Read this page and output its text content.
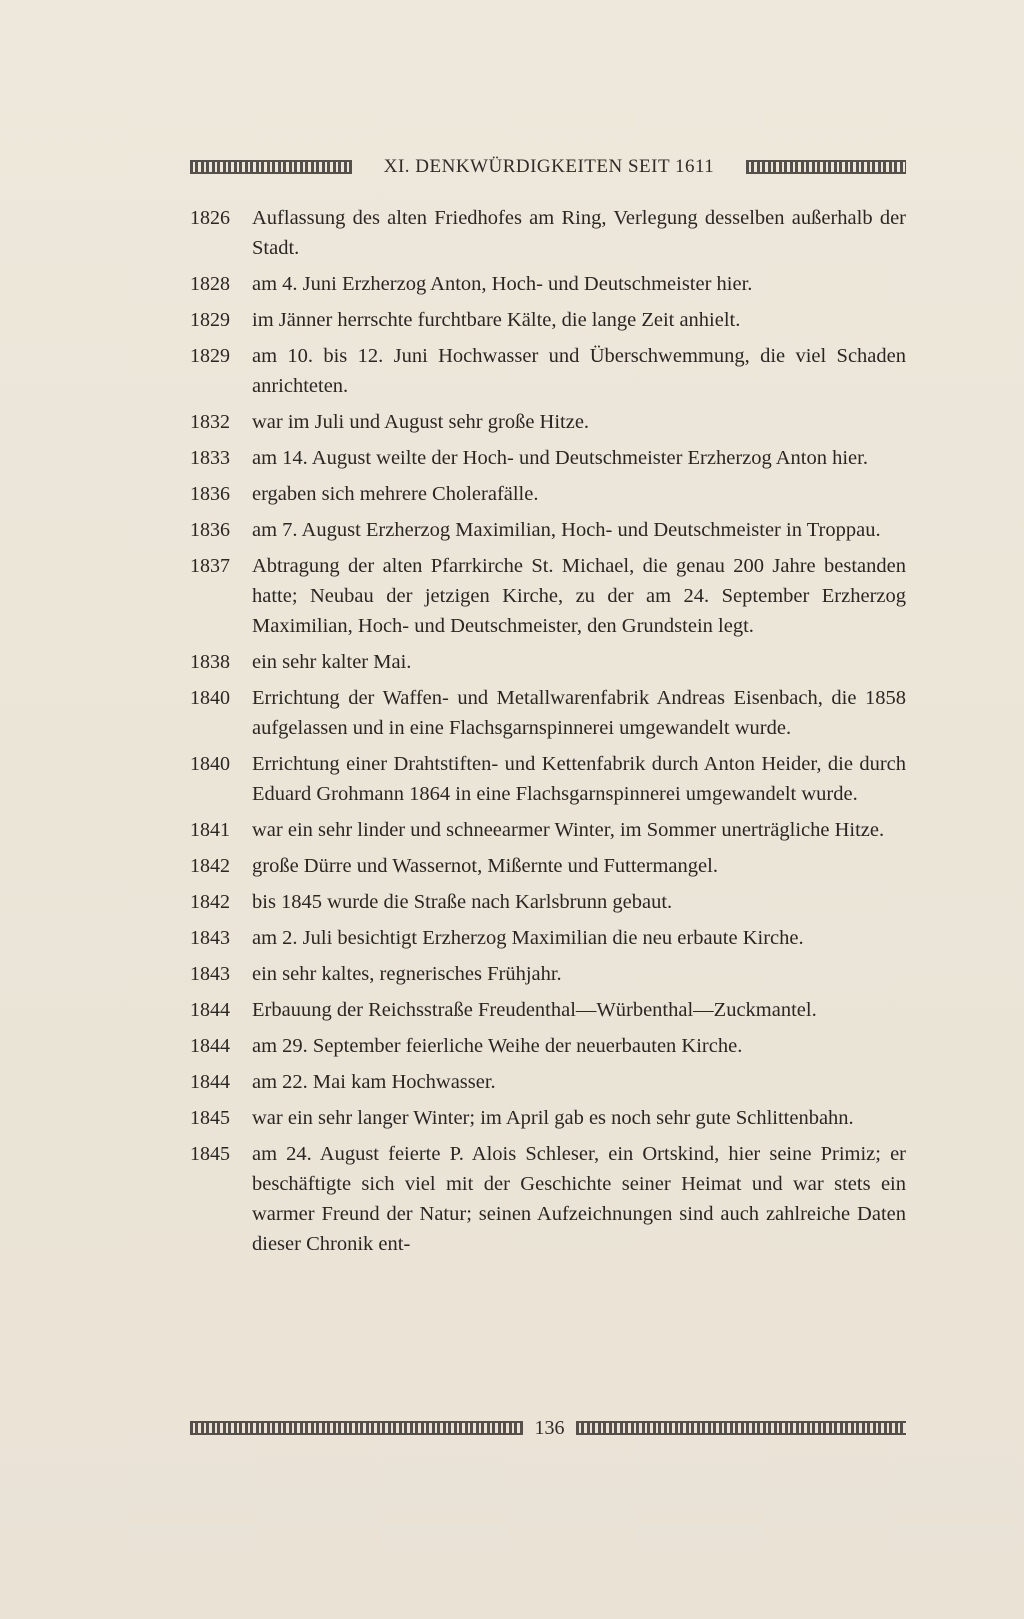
XI. DENKWÜRDIGKEITEN SEIT 1611
1826	Auflassung des alten Friedhofes am Ring, Verlegung desselben außerhalb der Stadt.
1828	am 4. Juni Erzherzog Anton, Hoch- und Deutschmeister hier.
1829	im Jänner herrschte furchtbare Kälte, die lange Zeit anhielt.
1829	am 10. bis 12. Juni Hochwasser und Überschwemmung, die viel Schaden anrichteten.
1832	war im Juli und August sehr große Hitze.
1833	am 14. August weilte der Hoch- und Deutschmeister Erzherzog Anton hier.
1836	ergaben sich mehrere Cholerafälle.
1836	am 7. August Erzherzog Maximilian, Hoch- und Deutschmeister in Troppau.
1837	Abtragung der alten Pfarrkirche St. Michael, die genau 200 Jahre bestanden hatte; Neubau der jetzigen Kirche, zu der am 24. September Erzherzog Maximilian, Hoch- und Deutschmeister, den Grundstein legt.
1838	ein sehr kalter Mai.
1840	Errichtung der Waffen- und Metallwarenfabrik Andreas Eisenbach, die 1858 aufgelassen und in eine Flachsgarnspinnerei umgewandelt wurde.
1840	Errichtung einer Drahtstiften- und Kettenfabrik durch Anton Heider, die durch Eduard Grohmann 1864 in eine Flachsgarnspinnerei umgewandelt wurde.
1841	war ein sehr linder und schneearmer Winter, im Sommer unerträgliche Hitze.
1842	große Dürre und Wassernot, Mißernte und Futtermangel.
1842	bis 1845 wurde die Straße nach Karlsbrunn gebaut.
1843	am 2. Juli besichtigt Erzherzog Maximilian die neu erbaute Kirche.
1843	ein sehr kaltes, regnerisches Frühjahr.
1844	Erbauung der Reichsstraße Freudenthal—Würbenthal—Zuckmantel.
1844	am 29. September feierliche Weihe der neuerbauten Kirche.
1844	am 22. Mai kam Hochwasser.
1845	war ein sehr langer Winter; im April gab es noch sehr gute Schlittenbahn.
1845	am 24. August feierte P. Alois Schleser, ein Ortskind, hier seine Primiz; er beschäftigte sich viel mit der Geschichte seiner Heimat und war stets ein warmer Freund der Natur; seinen Aufzeichnungen sind auch zahlreiche Daten dieser Chronik ent-
136
